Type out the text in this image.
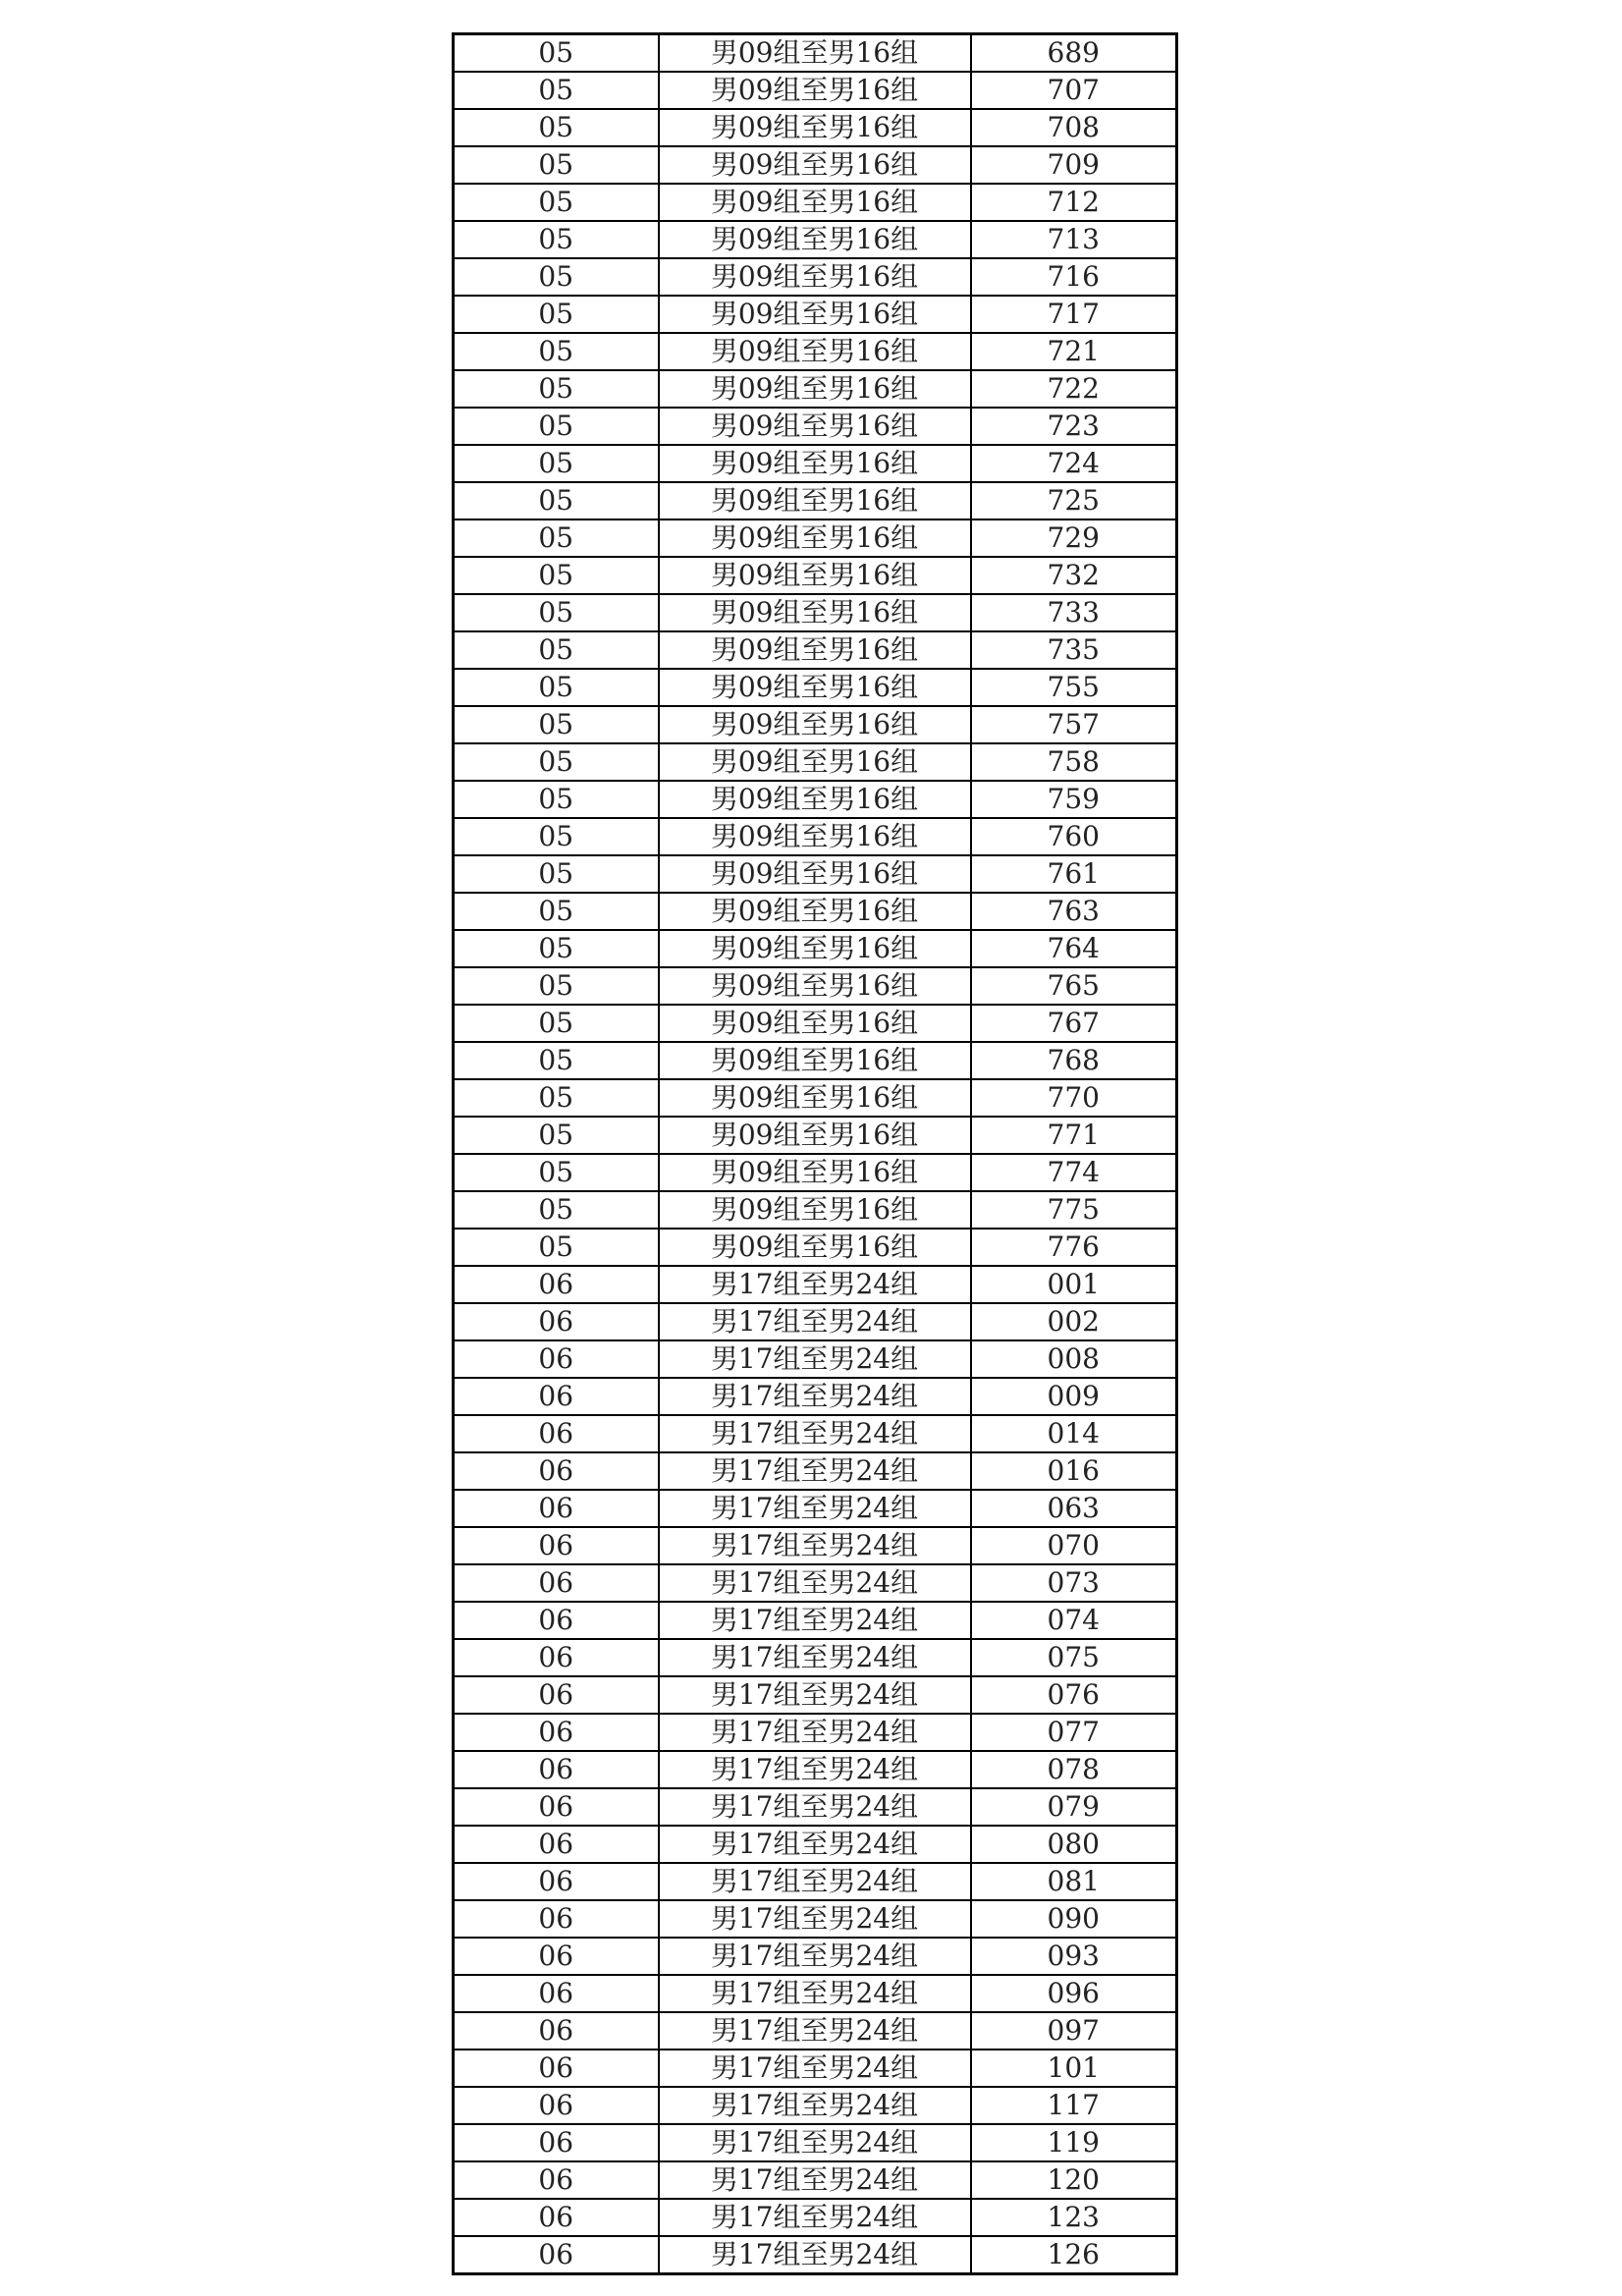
05	男09组至男16组	689
05	男09组至男16组	707
05	男09组至男16组	708
05	男09组至男16组	709
05	男09组至男16组	712
05	男09组至男16组	713
05	男09组至男16组	716
05	男09组至男16组	717
05	男09组至男16组	721
05	男09组至男16组	722
05	男09组至男16组	723
05	男09组至男16组	724
05	男09组至男16组	725
05	男09组至男16组	729
05	男09组至男16组	732
05	男09组至男16组	733
05	男09组至男16组	735
05	男09组至男16组	755
05	男09组至男16组	757
05	男09组至男16组	758
05	男09组至男16组	759
05	男09组至男16组	760
05	男09组至男16组	761
05	男09组至男16组	763
05	男09组至男16组	764
05	男09组至男16组	765
05	男09组至男16组	767
05	男09组至男16组	768
05	男09组至男16组	770
05	男09组至男16组	771
05	男09组至男16组	774
05	男09组至男16组	775
05	男09组至男16组	776
06	男17组至男24组	001
06	男17组至男24组	002
06	男17组至男24组	008
06	男17组至男24组	009
06	男17组至男24组	014
06	男17组至男24组	016
06	男17组至男24组	063
06	男17组至男24组	070
06	男17组至男24组	073
06	男17组至男24组	074
06	男17组至男24组	075
06	男17组至男24组	076
06	男17组至男24组	077
06	男17组至男24组	078
06	男17组至男24组	079
06	男17组至男24组	080
06	男17组至男24组	081
06	男17组至男24组	090
06	男17组至男24组	093
06	男17组至男24组	096
06	男17组至男24组	097
06	男17组至男24组	101
06	男17组至男24组	117
06	男17组至男24组	119
06	男17组至男24组	120
06	男17组至男24组	123
06	男17组至男24组	126
